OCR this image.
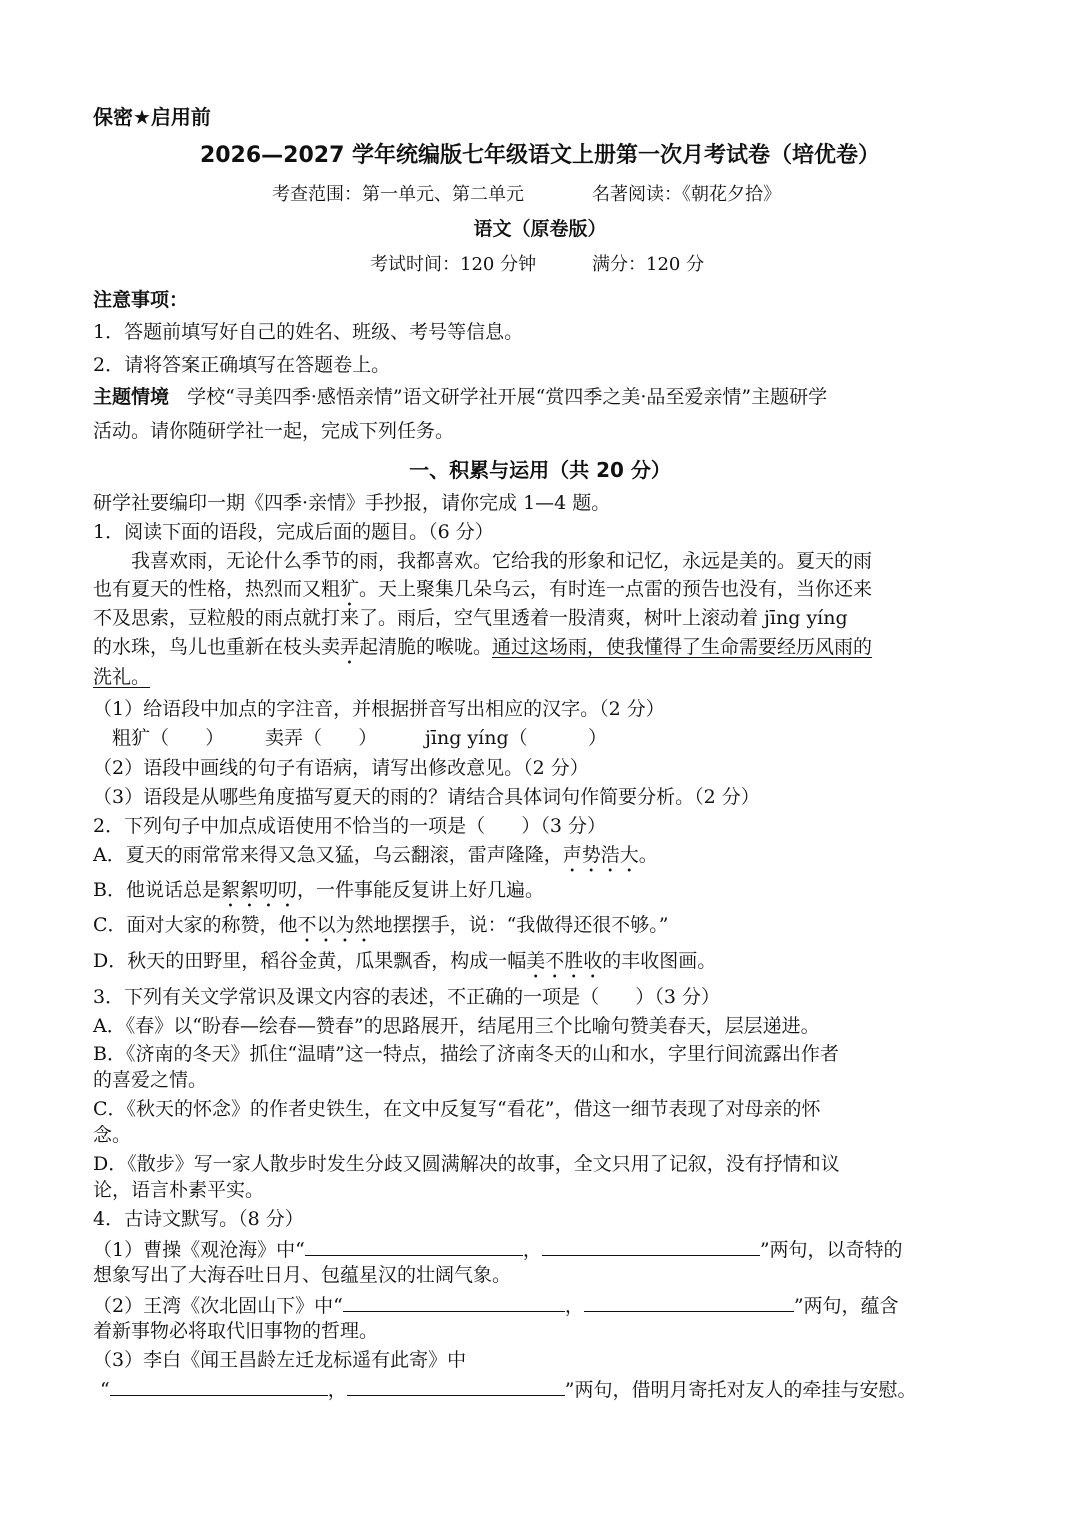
保密★启用前
2026—2027 学年统编版七年级语文上册第一次月考试卷（培优卷）
考查范围：第一单元、第二单元	名著阅读：《朝花夕拾》
语文（原卷版）
考试时间：120 分钟	满分：120 分
注意事项：
1．答题前填写好自己的姓名、班级、考号等信息。
2．请将答案正确填写在答题卷上。
主题情境 学校“寻美四季·感悟亲情”语文研学社开展“赏四季之美·品至爱亲情”主题研学
活动。请你随研学社一起，完成下列任务。
一、积累与运用（共 20 分）
研学社要编印一期《四季·亲情》手抄报，请你完成 1—4 题。
1．阅读下面的语段，完成后面的题目。（6 分）
我喜欢雨，无论什么季节的雨，我都喜欢。它给我的形象和记忆，永远是美的。夏天的雨
也有夏天的性格，热烈而又粗犷。天上聚集几朵乌云，有时连一点雷的预告也没有，当你还来
不及思索，豆粒般的雨点就打来了。雨后，空气里透着一股清爽，树叶上滚动着 jīng yíng
的水珠，鸟儿也重新在枝头卖弄起清脆的喉咙。通过这场雨，使我懂得了生命需要经历风雨的
洗礼。
（1）给语段中加点的字注音，并根据拼音写出相应的汉字。（2 分）
粗犷（      ） 卖弄（      ）	jīng yíng（          ）
（2）语段中画线的句子有语病，请写出修改意见。（2 分）
（3）语段是从哪些角度描写夏天的雨的？请结合具体词句作简要分析。（2 分）
2．下列句子中加点成语使用不恰当的一项是（      ）（3 分）
A．夏天的雨常常来得又急又猛，乌云翻滚，雷声隆隆，声势浩大。
B．他说话总是絮絮叨叨，一件事能反复讲上好几遍。
C．面对大家的称赞，他不以为然地摆摆手，说：“我做得还很不够。”
D．秋天的田野里，稻谷金黄，瓜果飘香，构成一幅美不胜收的丰收图画。
3．下列有关文学常识及课文内容的表述，不正确的一项是（      ）（3 分）
A．《春》以“盼春—绘春—赞春”的思路展开，结尾用三个比喻句赞美春天，层层递进。
B．《济南的冬天》抓住“温晴”这一特点，描绘了济南冬天的山和水，字里行间流露出作者
的喜爱之情。
C．《秋天的怀念》的作者史铁生，在文中反复写“看花”，借这一细节表现了对母亲的怀
念。
D．《散步》写一家人散步时发生分歧又圆满解决的故事，全文只用了记叙，没有抒情和议
论，语言朴素平实。
4．古诗文默写。（8 分）
（1）曹操《观沧海》中“	，	”两句，以奇特的
想象写出了大海吞吐日月、包蕴星汉的壮阔气象。
（2）王湾《次北固山下》中“	，	”两句，蕴含
着新事物必将取代旧事物的哲理。
（3）李白《闻王昌龄左迁龙标遥有此寄》中
“	，	”两句，借明月寄托对友人的牵挂与安慰。
